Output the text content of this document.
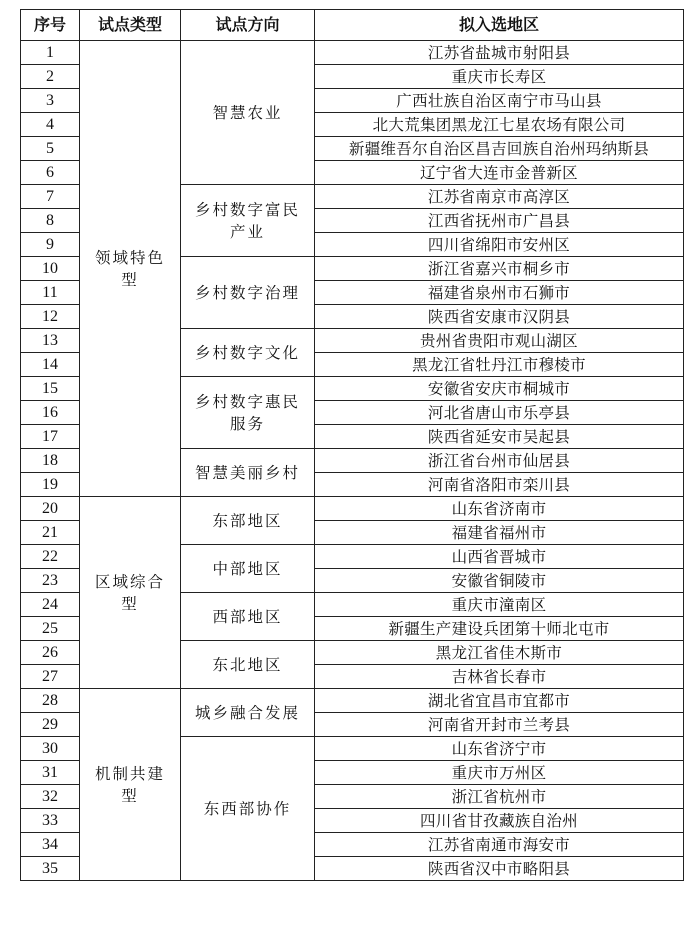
序号	试点类型	试点方向	拟入选地区
1	领域特色型	智慧农业	江苏省盐城市射阳县
2			重庆市长寿区
3			广西壮族自治区南宁市马山县
4			北大荒集团黑龙江七星农场有限公司
5			新疆维吾尔自治区昌吉回族自治州玛纳斯县
6			辽宁省大连市金普新区
7		乡村数字富民产业	江苏省南京市高淳区
8			江西省抚州市广昌县
9			四川省绵阳市安州区
10		乡村数字治理	浙江省嘉兴市桐乡市
11			福建省泉州市石狮市
12			陕西省安康市汉阴县
13		乡村数字文化	贵州省贵阳市观山湖区
14			黑龙江省牡丹江市穆棱市
15		乡村数字惠民服务	安徽省安庆市桐城市
16			河北省唐山市乐亭县
17			陕西省延安市吴起县
18		智慧美丽乡村	浙江省台州市仙居县
19			河南省洛阳市栾川县
20	区域综合型	东部地区	山东省济南市
21			福建省福州市
22		中部地区	山西省晋城市
23			安徽省铜陵市
24		西部地区	重庆市潼南区
25			新疆生产建设兵团第十师北屯市
26		东北地区	黑龙江省佳木斯市
27			吉林省长春市
28	机制共建型	城乡融合发展	湖北省宜昌市宜都市
29			河南省开封市兰考县
30		东西部协作	山东省济宁市
31			重庆市万州区
32			浙江省杭州市
33			四川省甘孜藏族自治州
34			江苏省南通市海安市
35			陕西省汉中市略阳县
